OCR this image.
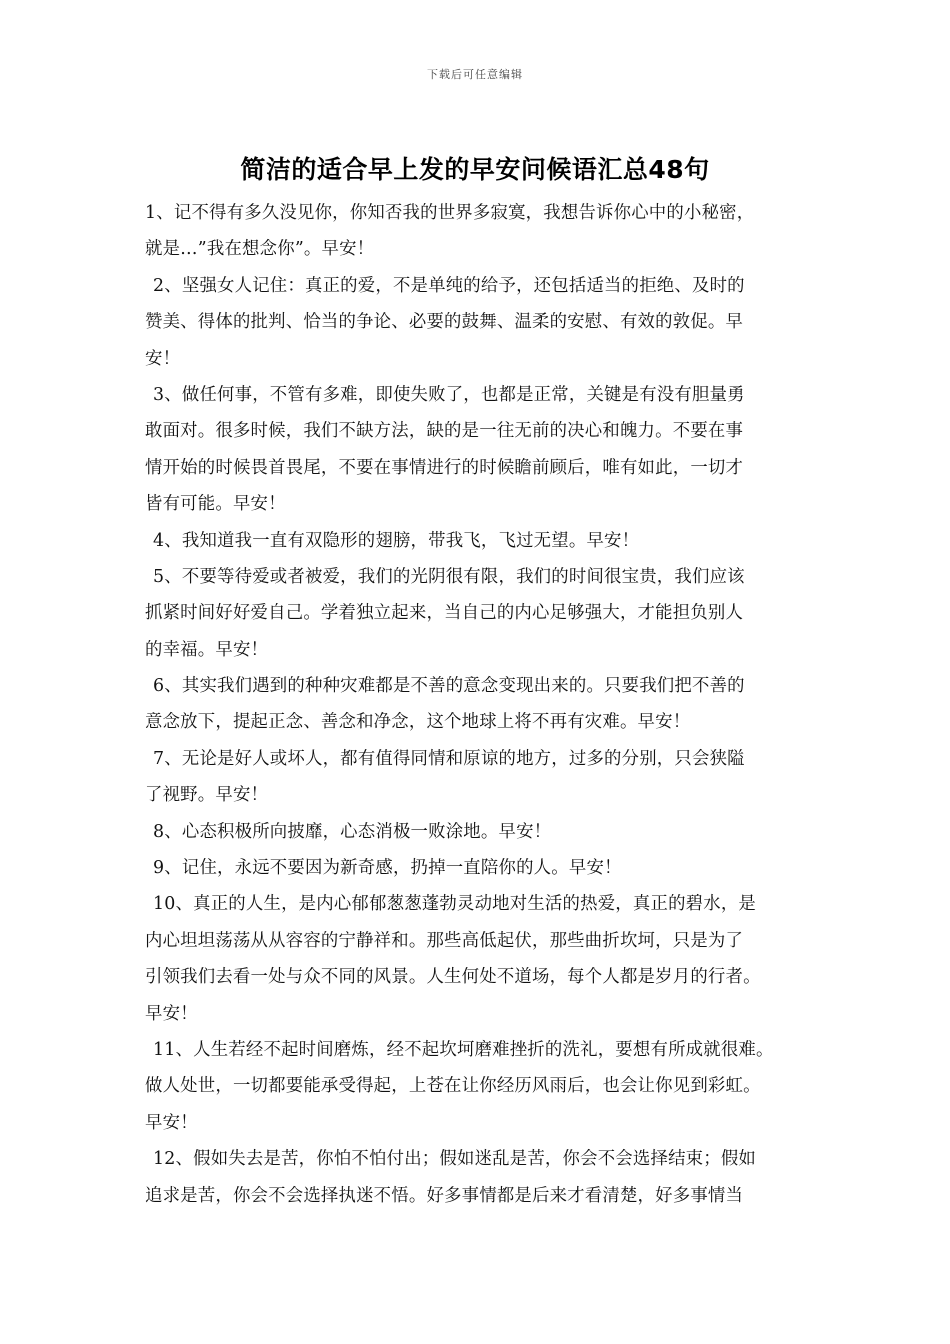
下载后可任意编辑
简洁的适合早上发的早安问候语汇总48句
1、记不得有多久没见你，你知否我的世界多寂寞，我想告诉你心中的小秘密，
就是…”我在想念你”。早安！
2、坚强女人记住：真正的爱，不是单纯的给予，还包括适当的拒绝、及时的
赞美、得体的批判、恰当的争论、必要的鼓舞、温柔的安慰、有效的敦促。早
安！
3、做任何事，不管有多难，即使失败了，也都是正常，关键是有没有胆量勇
敢面对。很多时候，我们不缺方法，缺的是一往无前的决心和魄力。不要在事
情开始的时候畏首畏尾，不要在事情进行的时候瞻前顾后，唯有如此，一切才
皆有可能。早安！
4、我知道我一直有双隐形的翅膀，带我飞，飞过无望。早安！
5、不要等待爱或者被爱，我们的光阴很有限，我们的时间很宝贵，我们应该
抓紧时间好好爱自己。学着独立起来，当自己的内心足够强大，才能担负别人
的幸福。早安！
6、其实我们遇到的种种灾难都是不善的意念变现出来的。只要我们把不善的
意念放下，提起正念、善念和净念，这个地球上将不再有灾难。早安！
7、无论是好人或坏人，都有值得同情和原谅的地方，过多的分别，只会狭隘
了视野。早安！
8、心态积极所向披靡，心态消极一败涂地。早安！
9、记住，永远不要因为新奇感，扔掉一直陪你的人。早安！
10、真正的人生，是内心郁郁葱葱蓬勃灵动地对生活的热爱，真正的碧水，是
内心坦坦荡荡从从容容的宁静祥和。那些高低起伏，那些曲折坎坷，只是为了
引领我们去看一处与众不同的风景。人生何处不道场，每个人都是岁月的行者。
早安！
11、人生若经不起时间磨炼，经不起坎坷磨难挫折的洗礼，要想有所成就很难。
做人处世，一切都要能承受得起，上苍在让你经历风雨后，也会让你见到彩虹。
早安！
12、假如失去是苦，你怕不怕付出；假如迷乱是苦，你会不会选择结束；假如
追求是苦，你会不会选择执迷不悟。好多事情都是后来才看清楚，好多事情当
